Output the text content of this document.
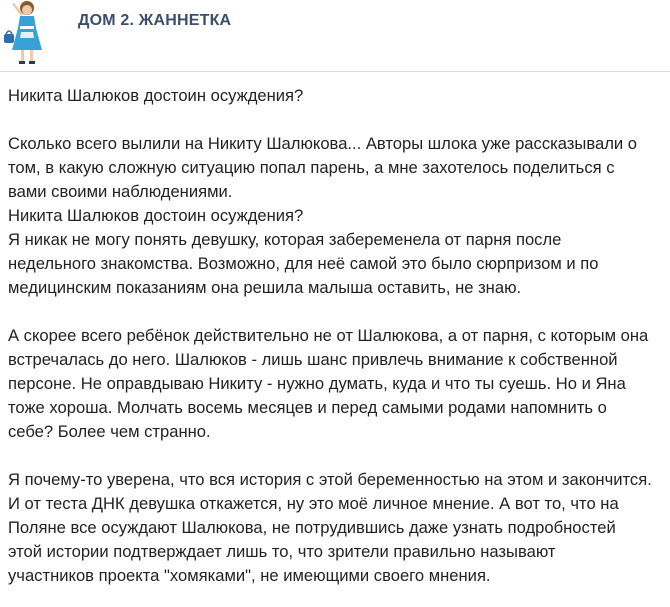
ДОМ 2. ЖАННЕТКА
Никита Шалюков достоин осуждения?
Сколько всего вылили на Никиту Шалюкова... Авторы шлока уже рассказывали о
том, в какую сложную ситуацию попал парень, а мне захотелось поделиться с
вами своими наблюдениями.
Никита Шалюков достоин осуждения?
Я никак не могу понять девушку, которая забеременела от парня после
недельного знакомства. Возможно, для неё самой это было сюрпризом и по
медицинским показаниям она решила малыша оставить, не знаю.
А скорее всего ребёнок действительно не от Шалюкова, а от парня, с которым она
встречалась до него. Шалюков - лишь шанс привлечь внимание к собственной
персоне. Не оправдываю Никиту - нужно думать, куда и что ты суешь. Но и Яна
тоже хороша. Молчать восемь месяцев и перед самыми родами напомнить о
себе? Более чем странно.
Я почему-то уверена, что вся история с этой беременностью на этом и закончится.
И от теста ДНК девушка откажется, ну это моё личное мнение. А вот то, что на
Поляне все осуждают Шалюкова, не потрудившись даже узнать подробностей
этой истории подтверждает лишь то, что зрители правильно называют
участников проекта "хомяками", не имеющими своего мнения.
